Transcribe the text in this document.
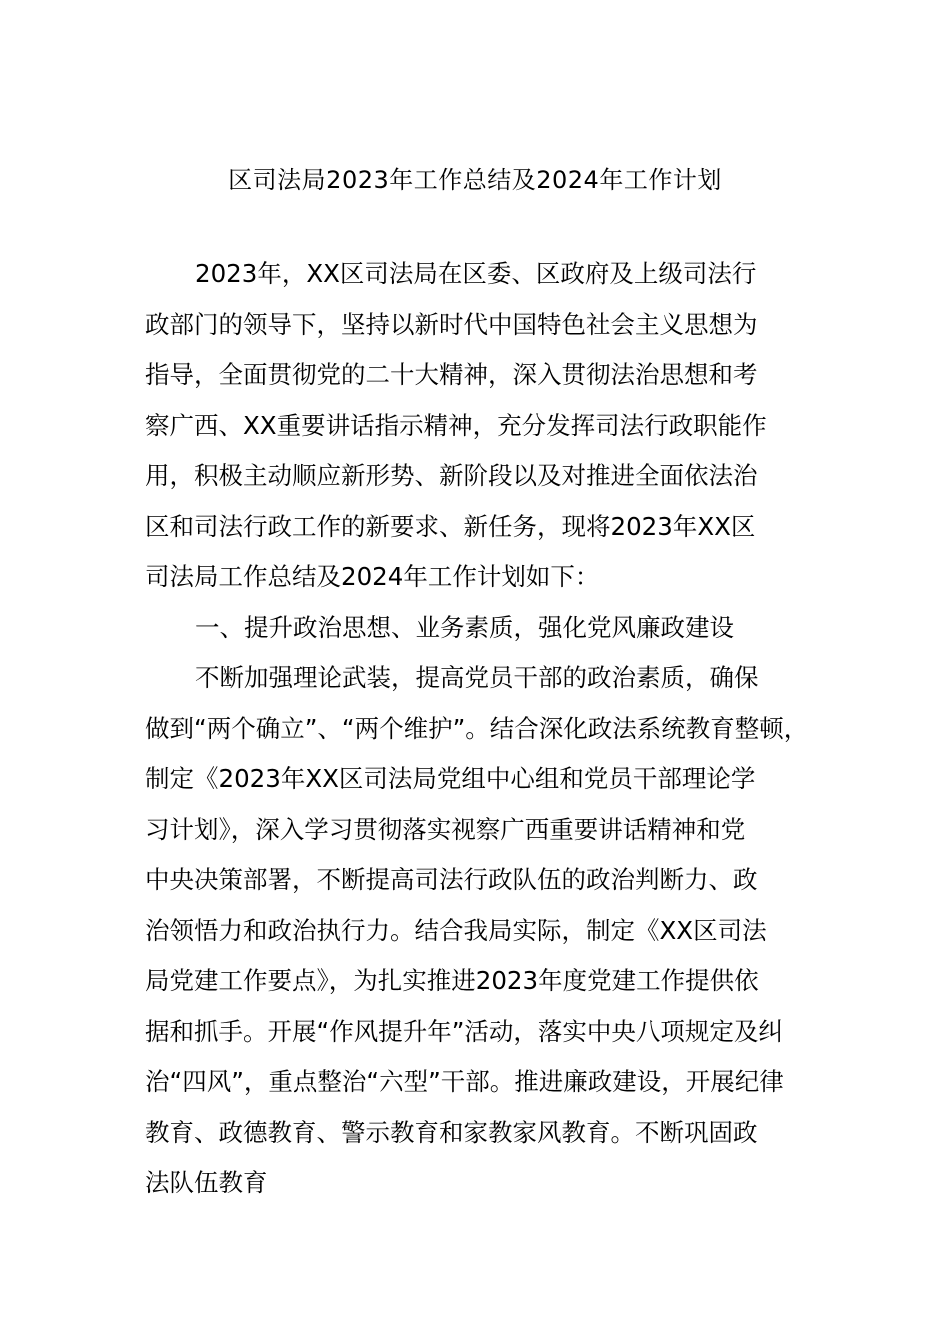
区司法局2023年工作总结及2024年工作计划
2023年，XX区司法局在区委、区政府及上级司法行
政部门的领导下，坚持以新时代中国特色社会主义思想为
指导，全面贯彻党的二十大精神，深入贯彻法治思想和考
察广西、XX重要讲话指示精神，充分发挥司法行政职能作
用，积极主动顺应新形势、新阶段以及对推进全面依法治
区和司法行政工作的新要求、新任务，现将2023年XX区
司法局工作总结及2024年工作计划如下：
一、提升政治思想、业务素质，强化党风廉政建设
不断加强理论武装，提高党员干部的政治素质，确保
做到“两个确立”、“两个维护”。结合深化政法系统教育整顿，
制定《2023年XX区司法局党组中心组和党员干部理论学
习计划》，深入学习贯彻落实视察广西重要讲话精神和党
中央决策部署，不断提高司法行政队伍的政治判断力、政
治领悟力和政治执行力。结合我局实际，制定《XX区司法
局党建工作要点》，为扎实推进2023年度党建工作提供依
据和抓手。开展“作风提升年”活动，落实中央八项规定及纠
治“四风”，重点整治“六型”干部。推进廉政建设，开展纪律
教育、政德教育、警示教育和家教家风教育。不断巩固政
法队伍教育
